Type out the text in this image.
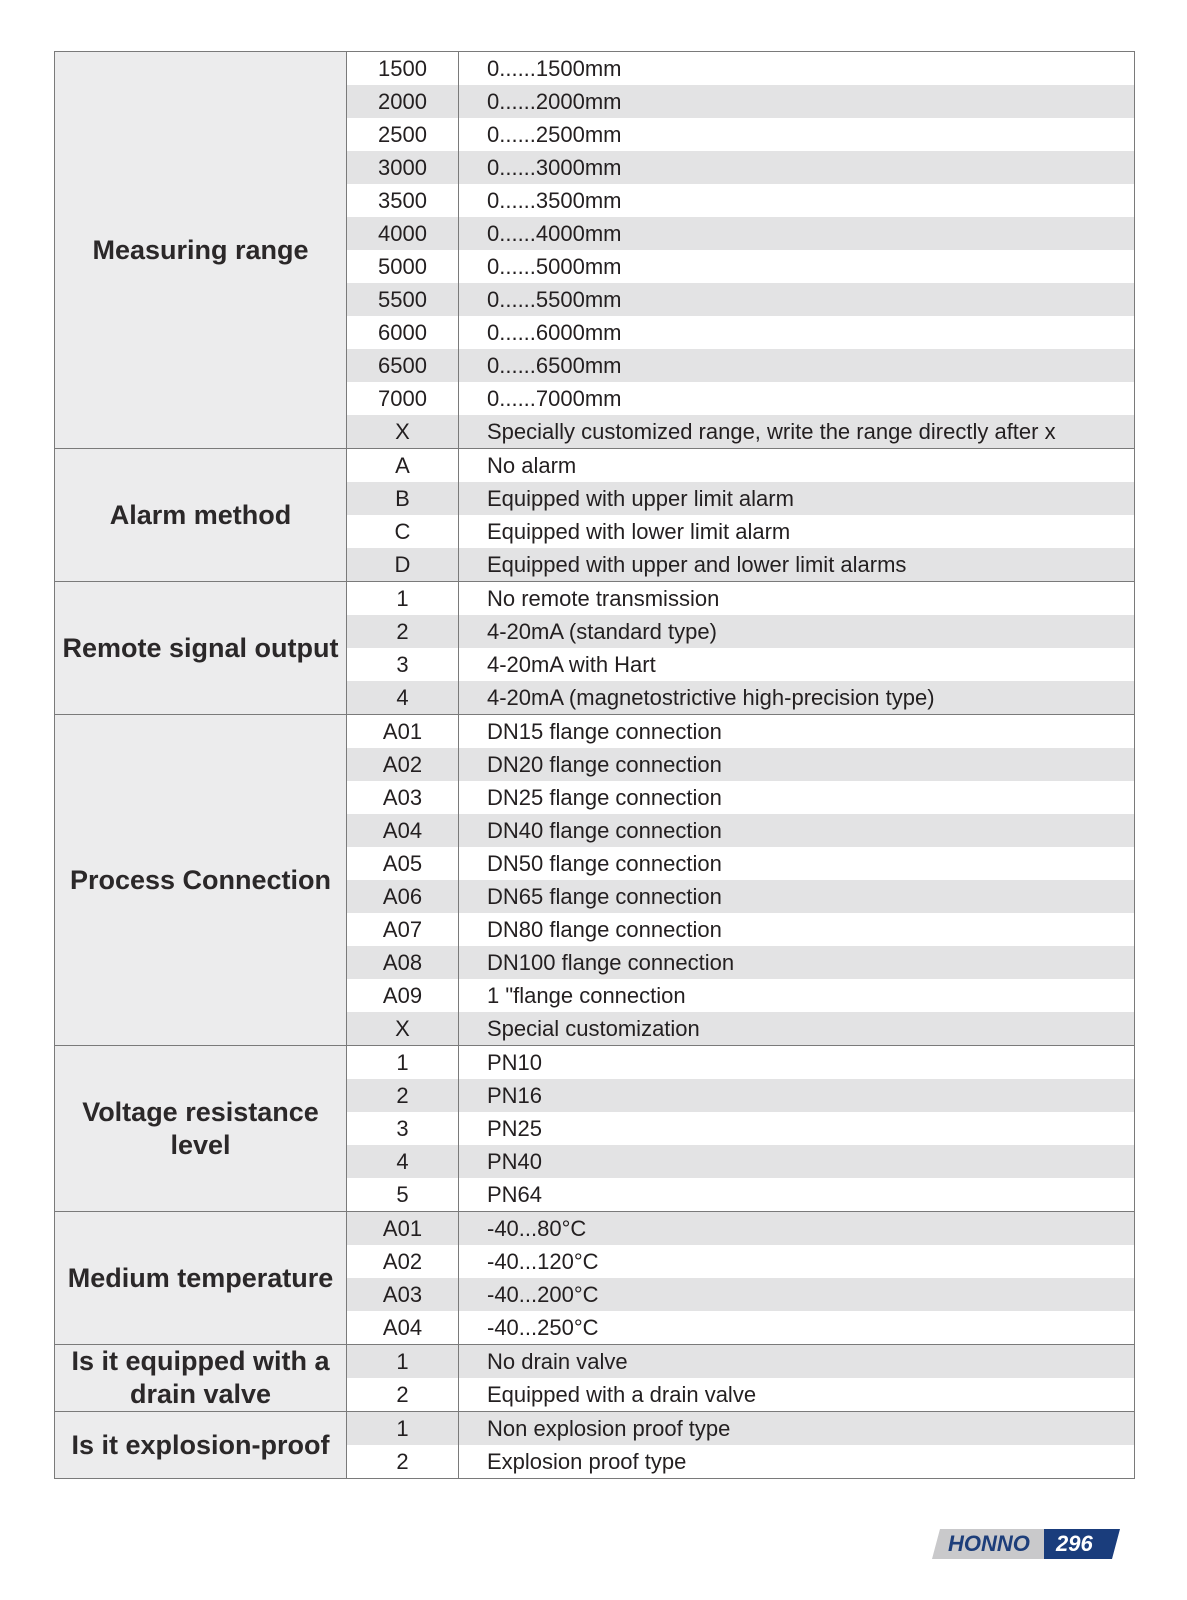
Measuring range	1500	0......1500mm
	2000	0......2000mm
	2500	0......2500mm
	3000	0......3000mm
	3500	0......3500mm
	4000	0......4000mm
	5000	0......5000mm
	5500	0......5500mm
	6000	0......6000mm
	6500	0......6500mm
	7000	0......7000mm
	X	Specially customized range, write the range directly after x
Alarm method	A	No alarm
	B	Equipped with upper limit alarm
	C	Equipped with lower limit alarm
	D	Equipped with upper and lower limit alarms
Remote signal output	1	No remote transmission
	2	4-20mA (standard type)
	3	4-20mA with Hart
	4	4-20mA (magnetostrictive high-precision type)
Process Connection	A01	DN15 flange connection
	A02	DN20 flange connection
	A03	DN25 flange connection
	A04	DN40 flange connection
	A05	DN50 flange connection
	A06	DN65 flange connection
	A07	DN80 flange connection
	A08	DN100 flange connection
	A09	1 "flange connection
	X	Special customization
Voltage resistance level	1	PN10
	2	PN16
	3	PN25
	4	PN40
	5	PN64
Medium temperature	A01	-40...80°C
	A02	-40...120°C
	A03	-40...200°C
	A04	-40...250°C
Is it equipped with a drain valve	1	No drain valve
	2	Equipped with a drain valve
Is it explosion-proof	1	Non explosion proof type
	2	Explosion proof type
HONNO 296
